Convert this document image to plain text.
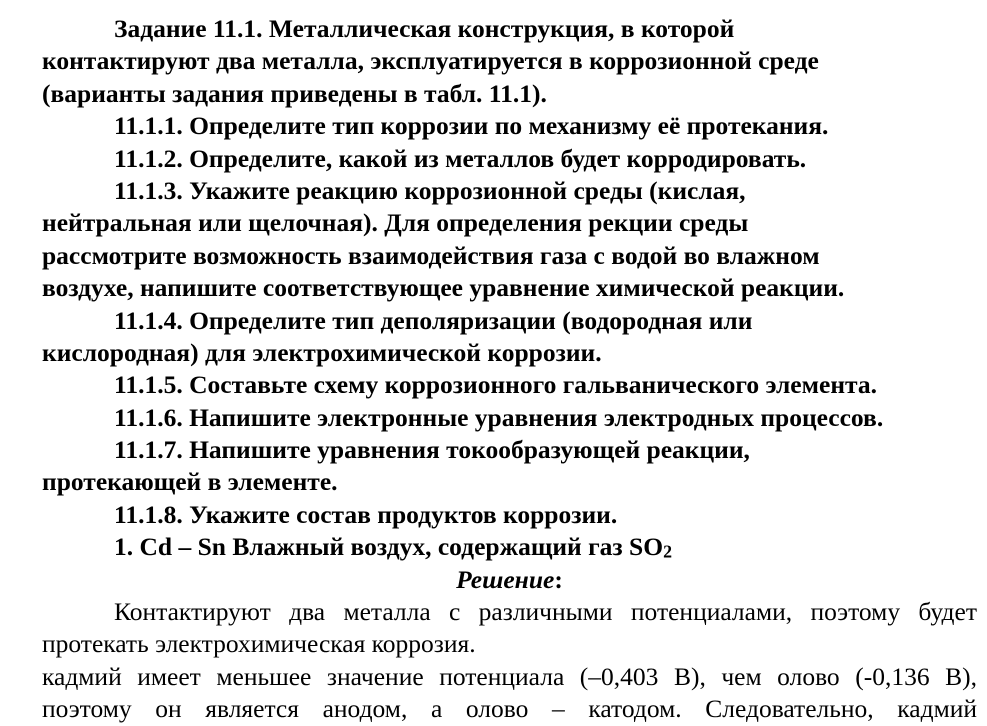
Задание 11.1. Металлическая конструкция, в которой
контактируют два металла, эксплуатируется в коррозионной среде
(варианты задания приведены в табл. 11.1).
11.1.1. Определите тип коррозии по механизму её протекания.
11.1.2. Определите, какой из металлов будет корродировать.
11.1.3. Укажите реакцию коррозионной среды (кислая,
нейтральная или щелочная). Для определения рекции среды
рассмотрите возможность взаимодействия газа с водой во влажном
воздухе, напишите соответствующее уравнение химической реакции.
11.1.4. Определите тип деполяризации (водородная или
кислородная) для электрохимической коррозии.
11.1.5. Составьте схему коррозионного гальванического элемента.
11.1.6. Напишите электронные уравнения электродных процессов.
11.1.7. Напишите уравнения токообразующей реакции,
протекающей в элементе.
11.1.8. Укажите состав продуктов коррозии.
1. Cd – Sn Влажный воздух, содержащий газ $SO_2$
Решение:
Контактируют два металла с различными потенциалами, поэтому будет
протекать электрохимическая коррозия.
кадмий имеет меньшее значение потенциала (–0,403 В), чем олово (-0,136 В),
поэтому он является анодом, а олово – катодом. Следовательно, кадмий
